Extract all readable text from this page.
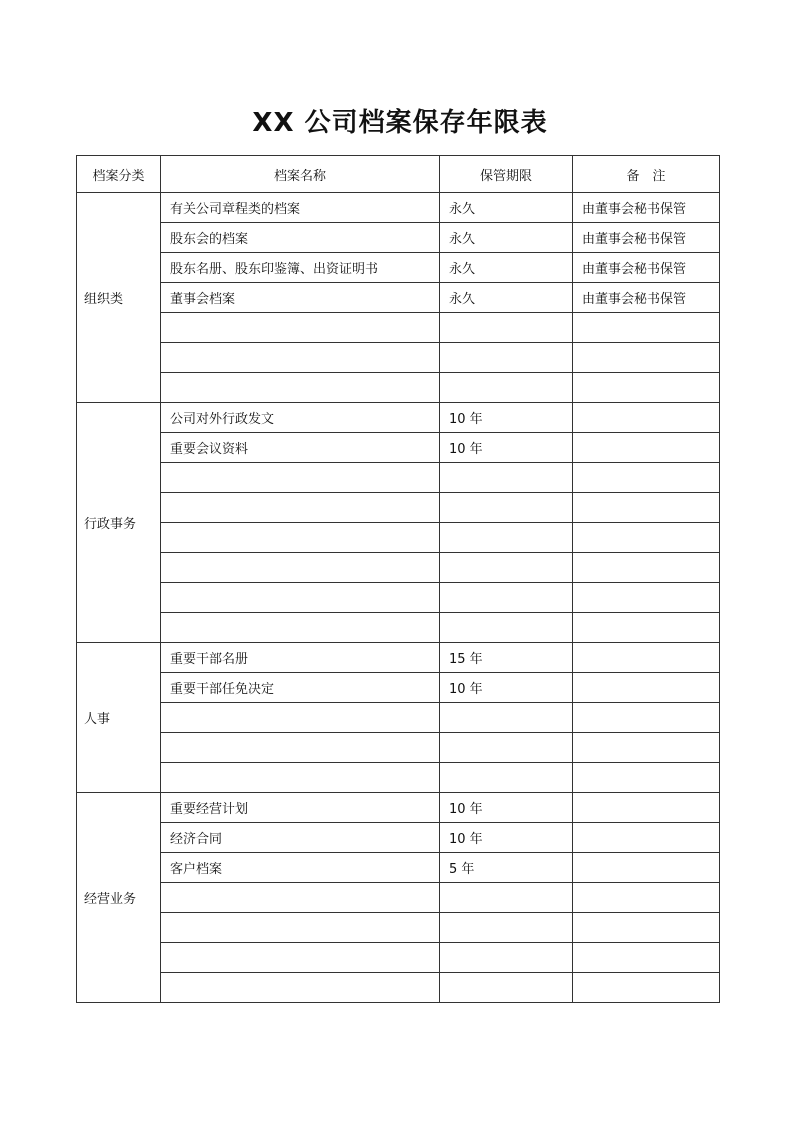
XX 公司档案保存年限表
档案分类	档案名称	保管期限	备　注
组织类	有关公司章程类的档案	永久	由董事会秘书保管
	股东会的档案	永久	由董事会秘书保管
	股东名册、股东印鉴簿、出资证明书	永久	由董事会秘书保管
	董事会档案	永久	由董事会秘书保管

行政事务	公司对外行政发文	10 年	
	重要会议资料	10 年	

人事	重要干部名册	15 年	
	重要干部任免决定	10 年	

经营业务	重要经营计划	10 年	
	经济合同	10 年	
	客户档案	5 年	
